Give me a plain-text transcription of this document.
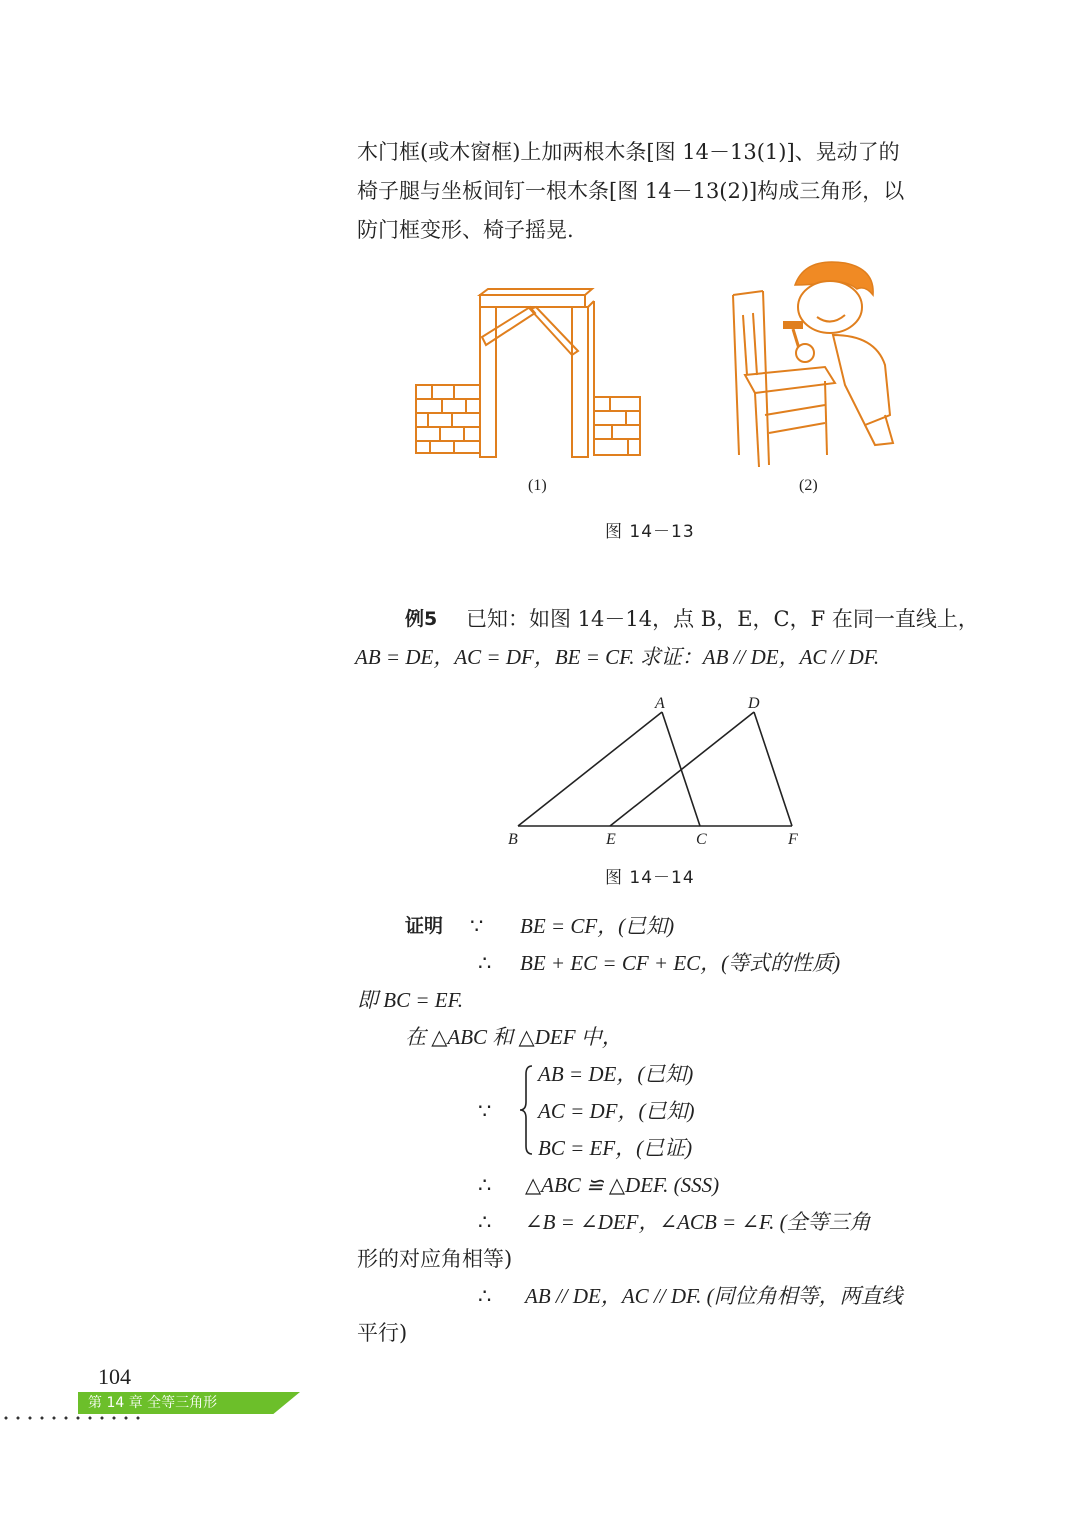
木门框(或木窗框)上加两根木条[图 14－13(1)]、晃动了的
椅子腿与坐板间钉一根木条[图 14－13(2)]构成三角形，以
防门框变形、椅子摇晃.
(1)	(2)
图 14－13
例5 已知：如图 14－14，点 B，E，C，F 在同一直线上，
AB = DE，AC = DF，BE = CF. 求证：AB // DE，AC // DF.
A	D
B	E	C	F
图 14－14
证明 ∵ BE = CF，(已知)
∴ BE + EC = CF + EC，(等式的性质)
即 BC = EF.
在 △ABC 和 △DEF 中，
∵
AB = DE，(已知)
AC = DF，(已知)
BC = EF，(已证)
∴ △ABC ≌ △DEF. (SSS)
∴ ∠B = ∠DEF，∠ACB = ∠F. (全等三角
形的对应角相等)
∴ AB // DE，AC // DF. (同位角相等，两直线
平行)
104
第 14 章 全等三角形
